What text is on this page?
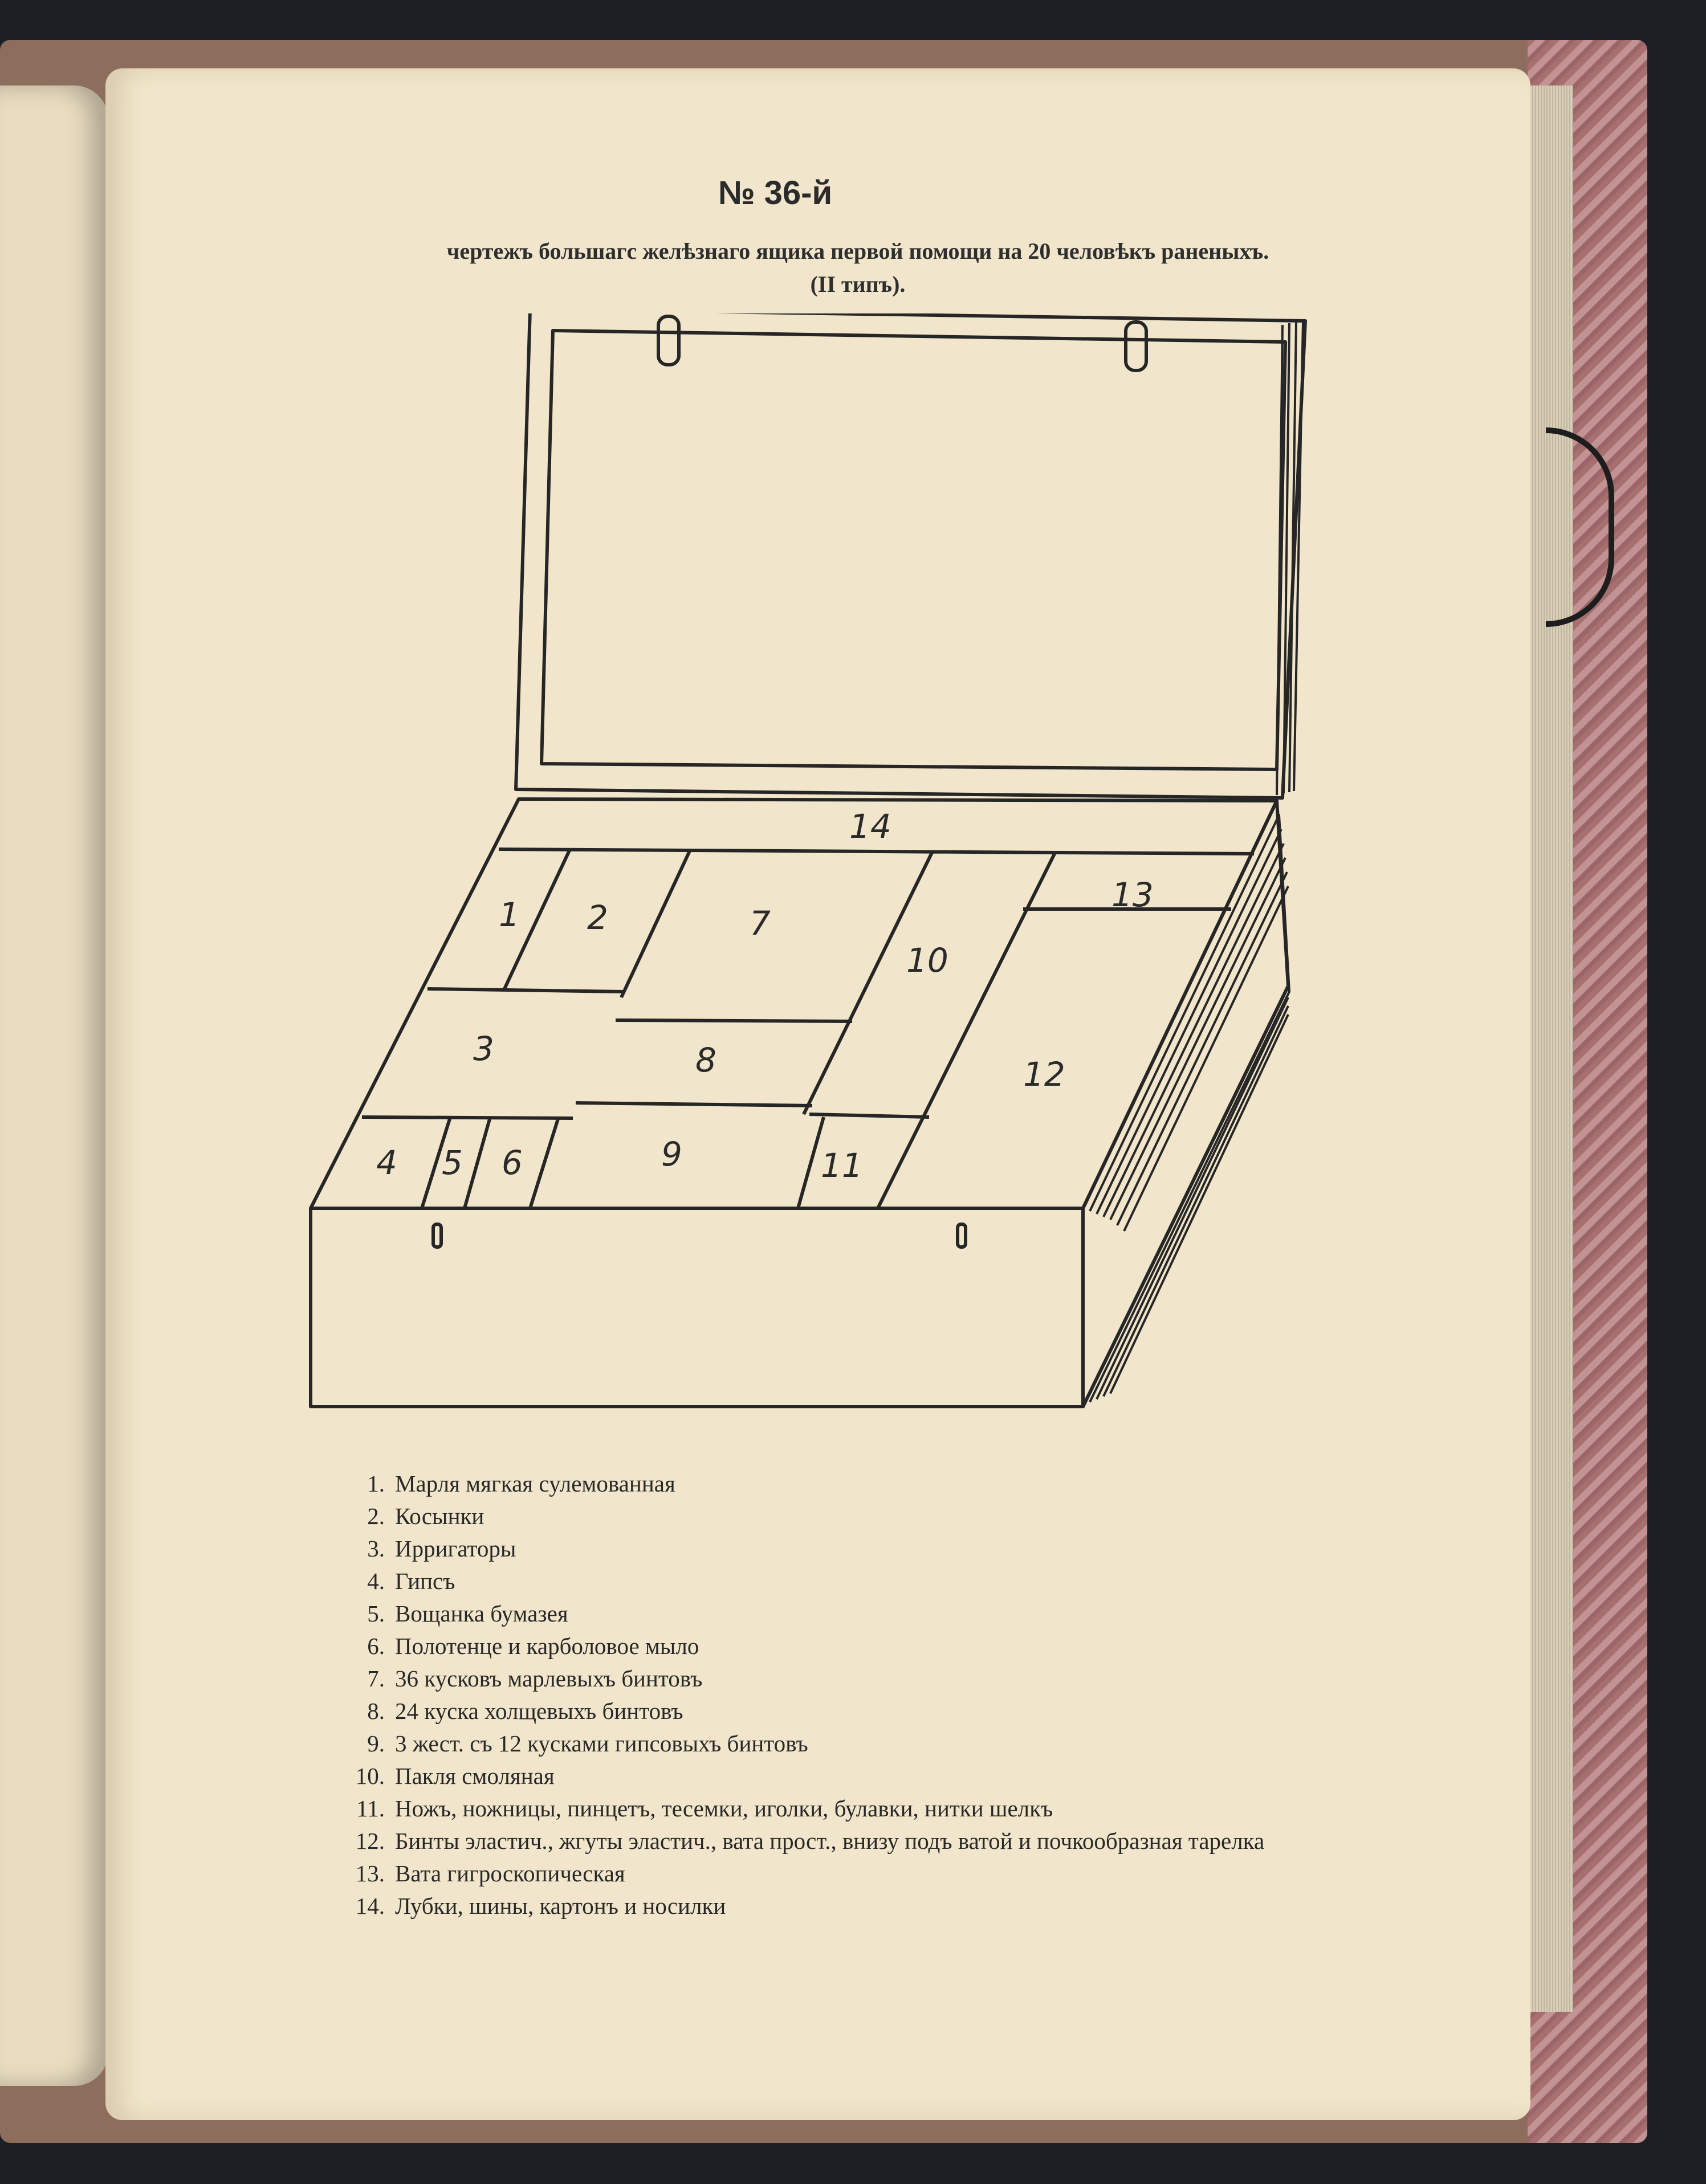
№ 36-й
чертежъ большагс желѣзнаго ящика первой помощи на 20 человѣкъ раненыхъ.
(II типъ).
1 2
3
4 5 6
7
8
9
10
11
12
13
14
1. Марля мягкая сулемованная
2. Косынки
3. Ирригаторы
4. Гипсъ
5. Вощанка бумазея
6. Полотенце и карболовое мыло
7. 36 кусковъ марлевыхъ бинтовъ
8. 24 куска холщевыхъ бинтовъ
9. 3 жест. съ 12 кусками гипсовыхъ бинтовъ
10. Пакля смоляная
11. Ножъ, ножницы, пинцетъ, тесемки, иголки, булавки, нитки шелкъ
12. Бинты эластич., жгуты эластич., вата прост., внизу подъ ватой и почкообразная тарелка
13. Вата гигроскопическая
14. Лубки, шины, картонъ и носилки
